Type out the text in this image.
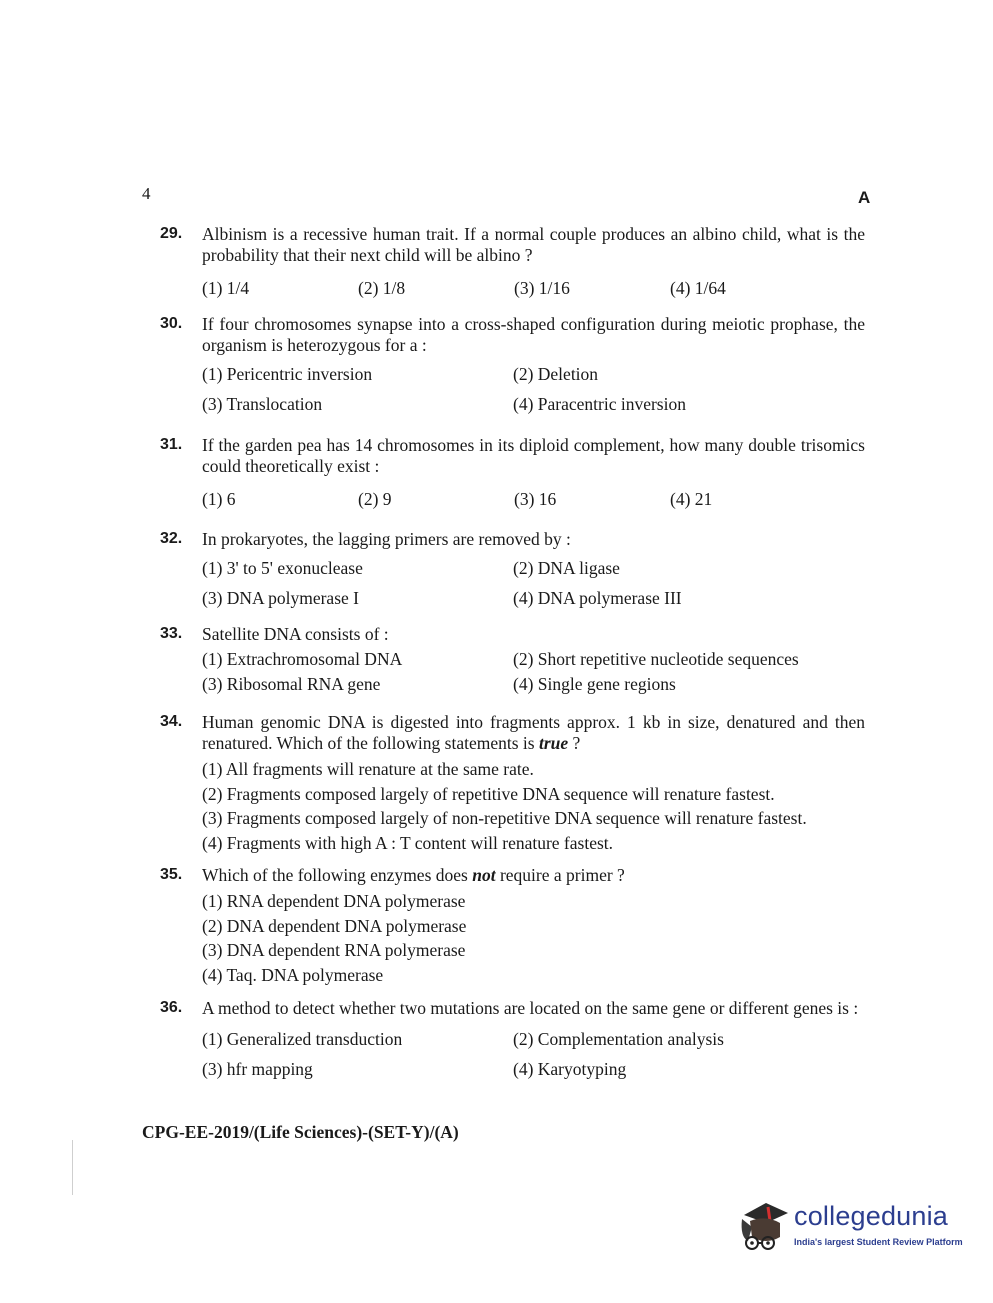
4	A
29. Albinism is a recessive human trait. If a normal couple produces an albino child, what is the probability that their next child will be albino ?
(1) 1/4	(2) 1/8	(3) 1/16	(4) 1/64
30. If four chromosomes synapse into a cross-shaped configuration during meiotic prophase, the organism is heterozygous for a :
(1) Pericentric inversion	(2) Deletion
(3) Translocation	(4) Paracentric inversion
31. If the garden pea has 14 chromosomes in its diploid complement, how many double trisomics could theoretically exist :
(1) 6	(2) 9	(3) 16	(4) 21
32. In prokaryotes, the lagging primers are removed by :
(1) 3' to 5' exonuclease	(2) DNA ligase
(3) DNA polymerase I	(4) DNA polymerase III
33. Satellite DNA consists of :
(1) Extrachromosomal DNA	(2) Short repetitive nucleotide sequences
(3) Ribosomal RNA gene	(4) Single gene regions
34. Human genomic DNA is digested into fragments approx. 1 kb in size, denatured and then renatured. Which of the following statements is true ?
(1) All fragments will renature at the same rate.
(2) Fragments composed largely of repetitive DNA sequence will renature fastest.
(3) Fragments composed largely of non-repetitive DNA sequence will renature fastest.
(4) Fragments with high A : T content will renature fastest.
35. Which of the following enzymes does not require a primer ?
(1) RNA dependent DNA polymerase
(2) DNA dependent DNA polymerase
(3) DNA dependent RNA polymerase
(4) Taq. DNA polymerase
36. A method to detect whether two mutations are located on the same gene or different genes is :
(1) Generalized transduction	(2) Complementation analysis
(3) hfr mapping	(4) Karyotyping
CPG-EE-2019/(Life Sciences)-(SET-Y)/(A)
collegedunia
India's largest Student Review Platform
